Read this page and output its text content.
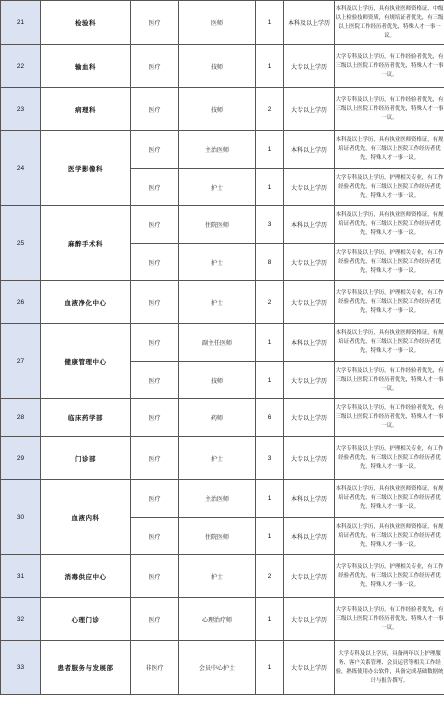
21	检验科	医疗	医师	1	本科及以上学历	本科及以上学历，具有执业医师资格证、中级以上检验技师资质，有规培证者优先，有三级以上医院工作经历者优先，特殊人才一事一议。

22	输血科	医疗	技师	1	大专以上学历	大学专科及以上学历，有工作经验者优先，有三级以上医院工作经历者优先，特殊人才一事一议。

23	病理科	医疗	技师	2	大专以上学历	大学专科及以上学历，有工作经验者优先，有三级以上医院工作经历者优先，特殊人才一事一议。

24	医学影像科	医疗	主治医师	1	本科以上学历	本科及以上学历，具有执业医师资格证，有规培证者优先，有三级以上医院工作经历者优先，特殊人才一事一议。

		医疗	护士	1	大专以上学历	大学专科及以上学历，护理相关专业，有工作经验者优先，有三级以上医院工作经历者优先，特殊人才一事一议。

25	麻醉手术科	医疗	住院医师	3	本科以上学历	本科及以上学历，具有执业医师资格证，有规培证者优先，有三级以上医院工作经历者优先，特殊人才一事一议。

		医疗	护士	8	大专以上学历	大学专科及以上学历，护理相关专业，有工作经验者优先，有三级以上医院工作经历者优先，特殊人才一事一议。

26	血液净化中心	医疗	护士	2	大专以上学历	大学专科及以上学历，护理相关专业，有工作经验者优先，有三级以上医院工作经历者优先，特殊人才一事一议。

27	健康管理中心	医疗	副主任医师	1	本科以上学历	本科及以上学历，具有执业医师资格证，有规培证者优先，有三级以上医院工作经历者优先，特殊人才一事一议。

		医疗	技师	1	大专以上学历	大学专科及以上学历，有工作经验者优先，有三级以上医院工作经历者优先，特殊人才一事一议。

28	临床药学部	医疗	药师	6	大专以上学历	大学专科及以上学历，有工作经验者优先，有三级以上医院工作经历者优先，特殊人才一事一议。

29	门诊部	医疗	护士	3	大专以上学历	大学专科及以上学历，护理相关专业，有工作经验者优先，有三级以上医院工作经历者优先，特殊人才一事一议。

30	血液内科	医疗	主治医师	1	本科以上学历	本科及以上学历，具有执业医师资格证，有规培证者优先，有三级以上医院工作经历者优先，特殊人才一事一议。

		医疗	住院医师	1	本科以上学历	本科及以上学历，具有执业医师资格证，有规培证者优先，有三级以上医院工作经历者优先，特殊人才一事一议。

31	消毒供应中心	医疗	护士	2	大专以上学历	大学专科及以上学历，护理相关专业，有工作经验者优先，有三级以上医院工作经历者优先，特殊人才一事一议。

32	心理门诊	医疗	心理治疗师	1	大专以上学历	大学专科及以上学历，有工作经验者优先，有三级以上医院工作经历者优先，特殊人才一事一议。

33	患者服务与发展部	非医疗	会员中心护士	1	大专以上学历	大学专科及以上学历，具备两年以上护理服务、客户关系管理、会员运营等相关工作经验，熟练使用办公软件，具备完成基础数据统计与报告撰写。
